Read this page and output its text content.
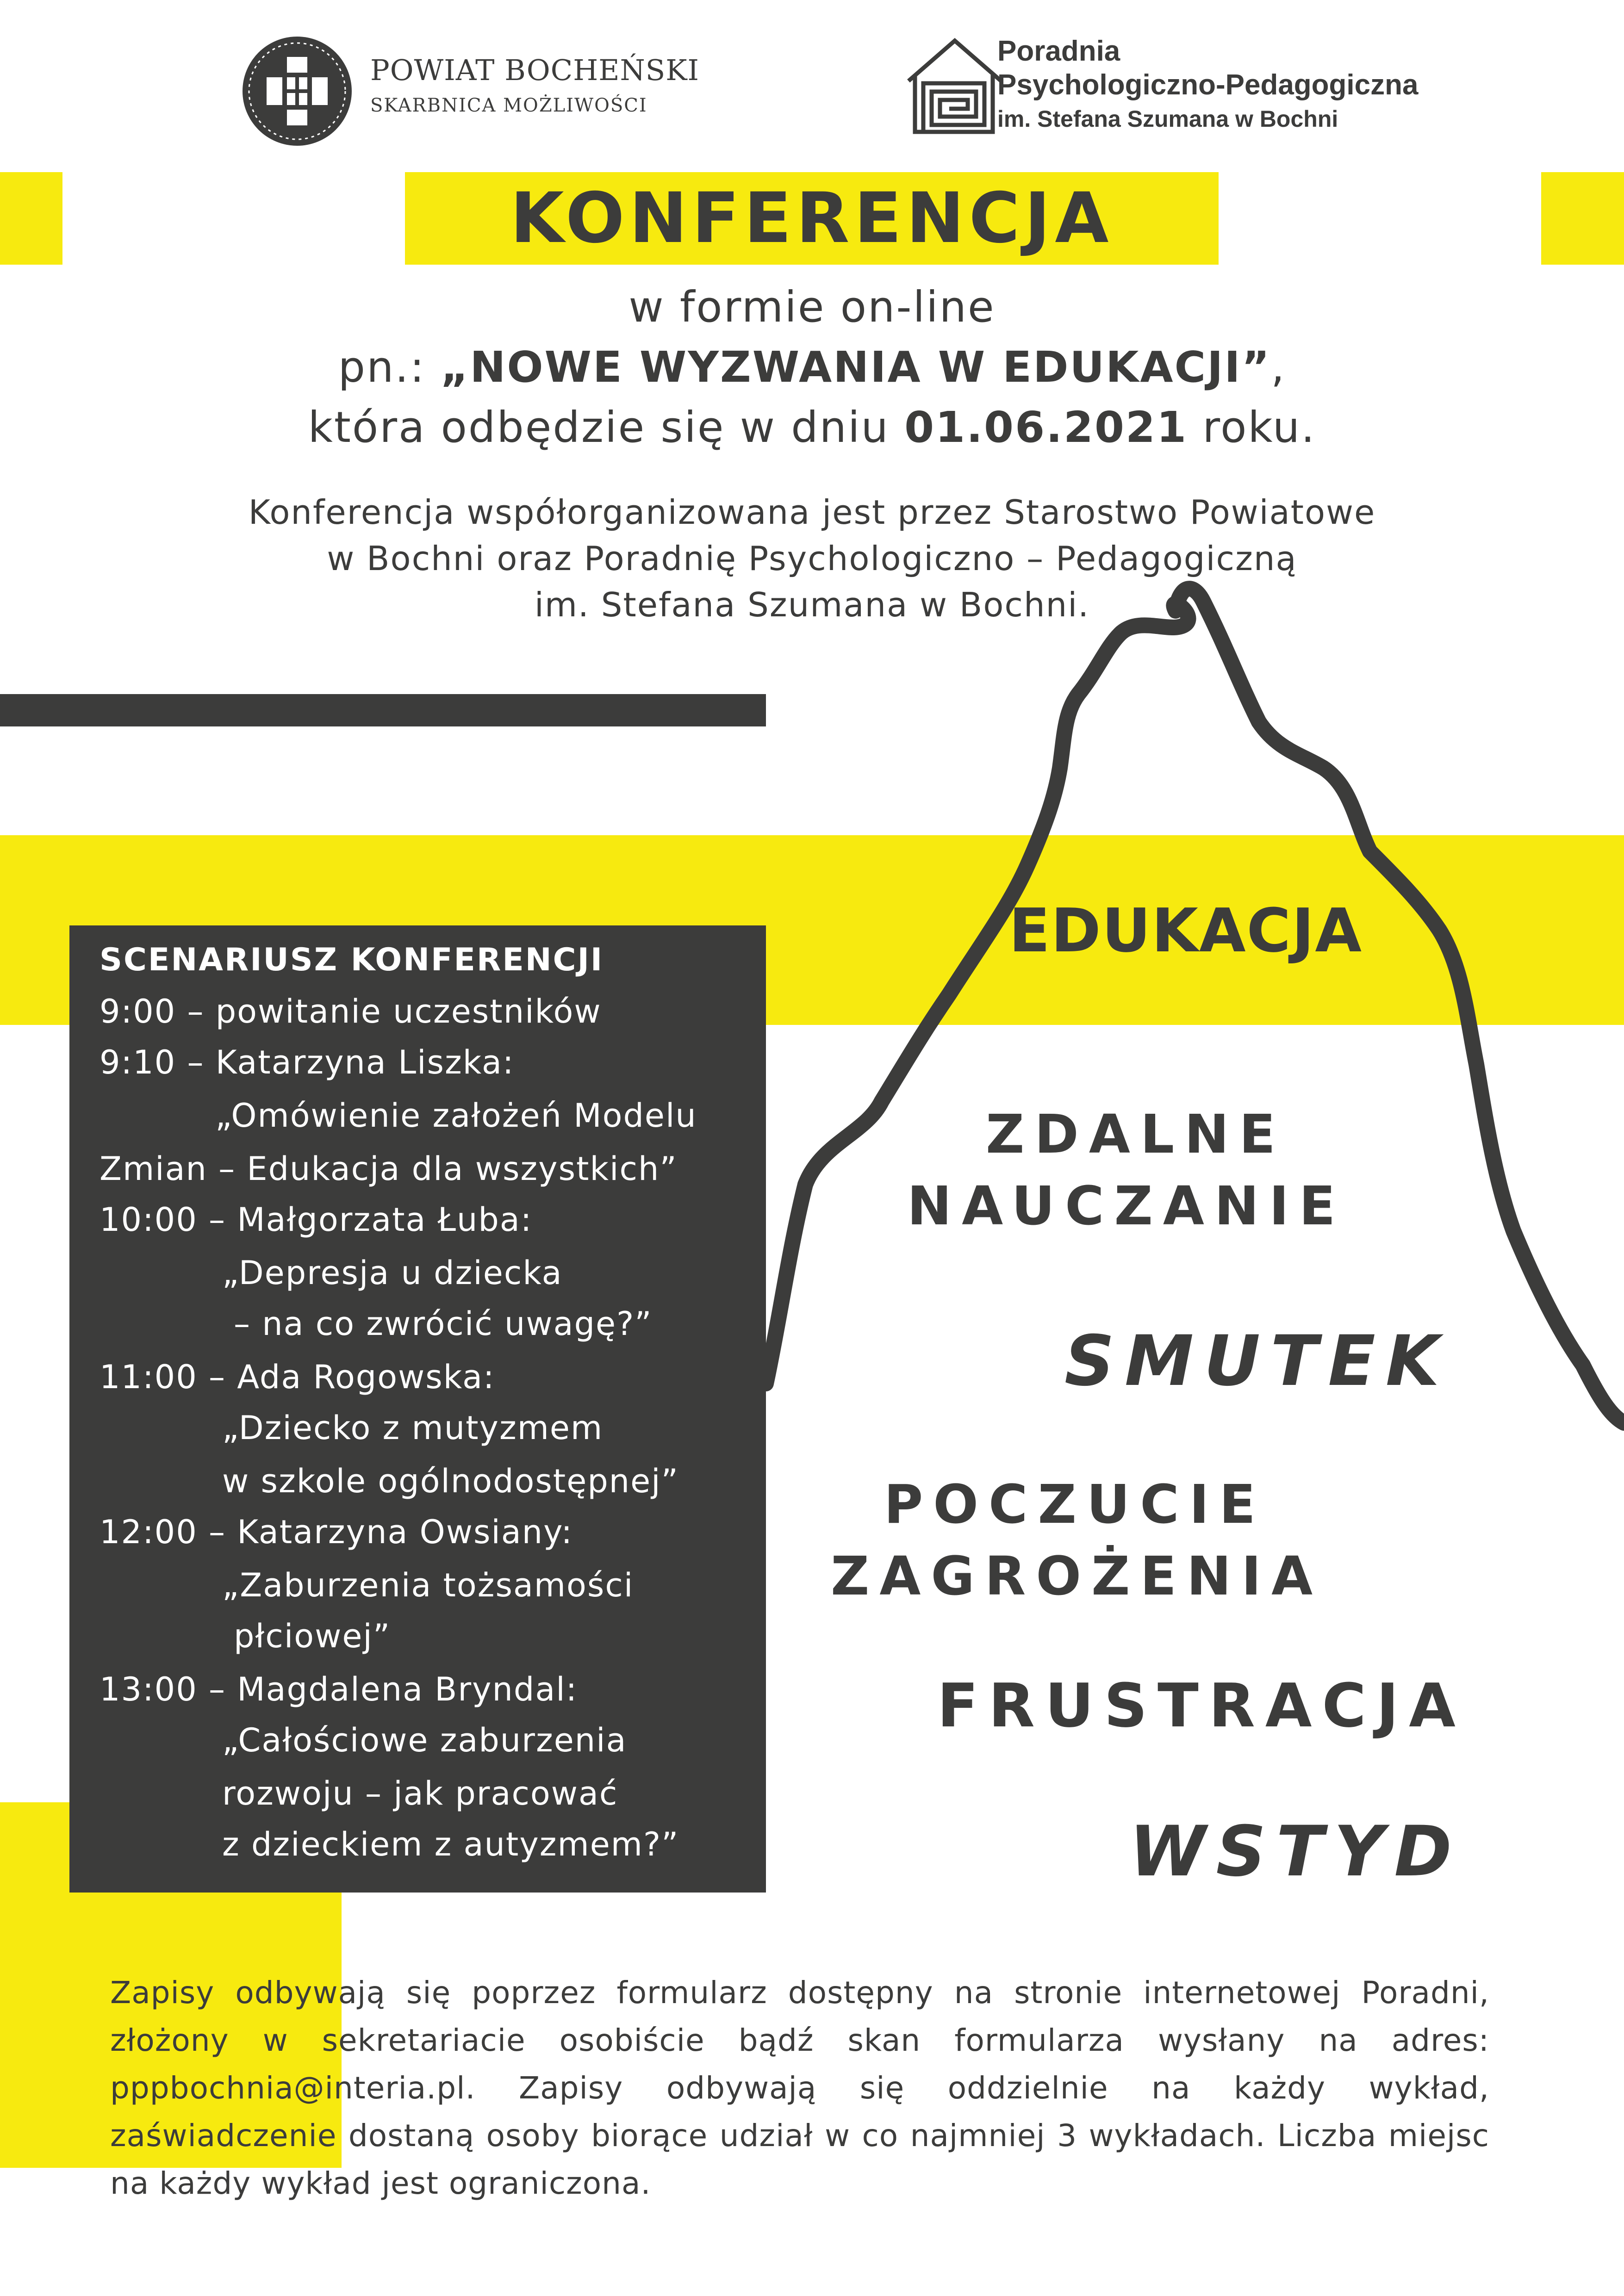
POWIAT BOCHEŃSKI
SKARBNICA MOŻLIWOŚCI
Poradnia
Psychologiczno-Pedagogiczna
im. Stefana Szumana w Bochni
KONFERENCJA
w formie on-line
pn.: „NOWE WYZWANIA W EDUKACJI”,
która odbędzie się w dniu 01.06.2021 roku.
Konferencja współorganizowana jest przez Starostwo Powiatowe
w Bochni oraz Poradnię Psychologiczno – Pedagogiczną
im. Stefana Szumana w Bochni.
SCENARIUSZ KONFERENCJI
9:00 – powitanie uczestników
9:10 – Katarzyna Liszka:
„Omówienie założeń Modelu
Zmian – Edukacja dla wszystkich”
10:00 – Małgorzata Łuba:
„Depresja u dziecka
– na co zwrócić uwagę?”
11:00 – Ada Rogowska:
„Dziecko z mutyzmem
w szkole ogólnodostępnej”
12:00 – Katarzyna Owsiany:
„Zaburzenia tożsamości
płciowej”
13:00 – Magdalena Bryndal:
„Całościowe zaburzenia
rozwoju – jak pracować
z dzieckiem z autyzmem?”
EDUKACJA
ZDALNE
NAUCZANIE
SMUTEK
POCZUCIE
ZAGROŻENIA
FRUSTRACJA
WSTYD
Zapisy odbywają się poprzez formularz dostępny na stronie internetowej Poradni, złożony w sekretariacie osobiście bądź skan formularza wysłany na adres: pppbochnia@interia.pl. Zapisy odbywają się oddzielnie na każdy wykład, zaświadczenie dostaną osoby biorące udział w co najmniej 3 wykładach. Liczba miejsc na każdy wykład jest ograniczona.
